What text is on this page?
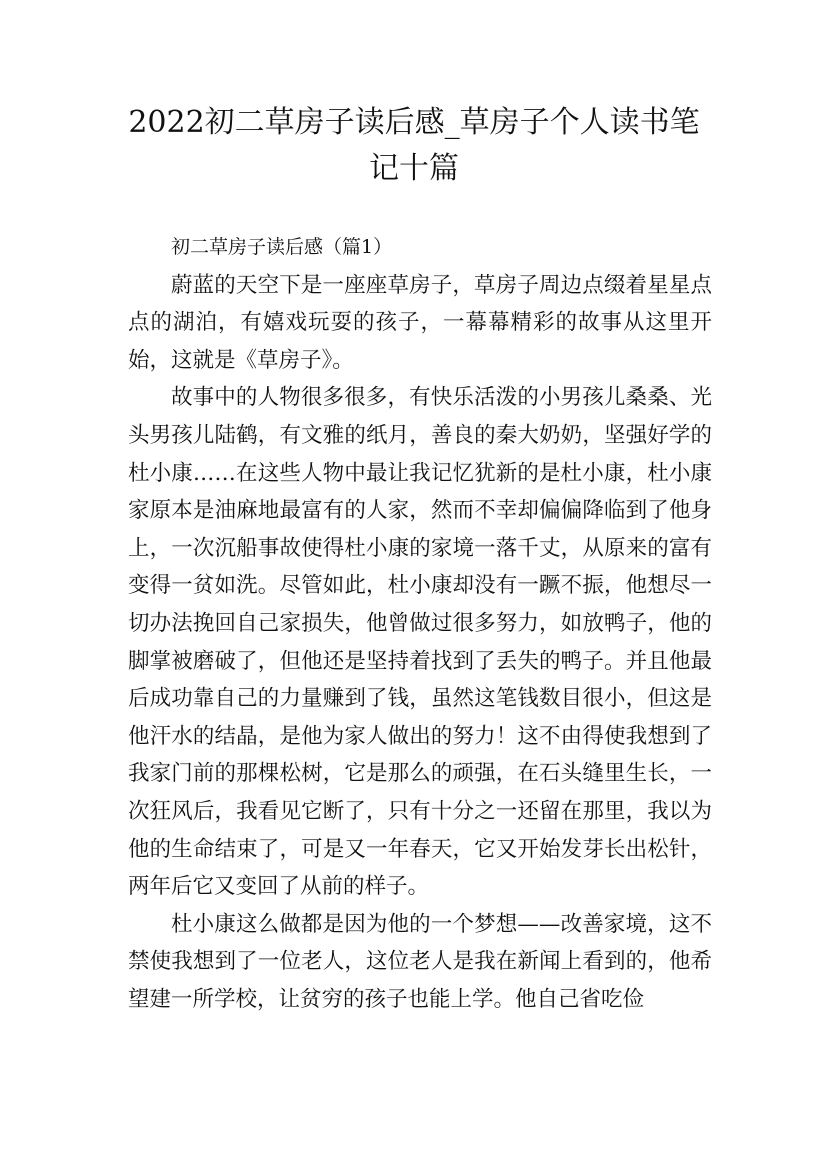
2022初二草房子读后感_草房子个人读书笔记十篇

初二草房子读后感（篇1）

蔚蓝的天空下是一座座草房子，草房子周边点缀着星星点点的湖泊，有嬉戏玩耍的孩子，一幕幕精彩的故事从这里开始，这就是《草房子》。

故事中的人物很多很多，有快乐活泼的小男孩儿桑桑、光头男孩儿陆鹤，有文雅的纸月，善良的秦大奶奶，坚强好学的杜小康……在这些人物中最让我记忆犹新的是杜小康，杜小康家原本是油麻地最富有的人家，然而不幸却偏偏降临到了他身上，一次沉船事故使得杜小康的家境一落千丈，从原来的富有变得一贫如洗。尽管如此，杜小康却没有一蹶不振，他想尽一切办法挽回自己家损失，他曾做过很多努力，如放鸭子，他的脚掌被磨破了，但他还是坚持着找到了丢失的鸭子。并且他最后成功靠自己的力量赚到了钱，虽然这笔钱数目很小，但这是他汗水的结晶，是他为家人做出的努力！这不由得使我想到了我家门前的那棵松树，它是那么的顽强，在石头缝里生长，一次狂风后，我看见它断了，只有十分之一还留在那里，我以为他的生命结束了，可是又一年春天，它又开始发芽长出松针，两年后它又变回了从前的样子。

杜小康这么做都是因为他的一个梦想——改善家境，这不禁使我想到了一位老人，这位老人是我在新闻上看到的，他希望建一所学校，让贫穷的孩子也能上学。他自己省吃俭
